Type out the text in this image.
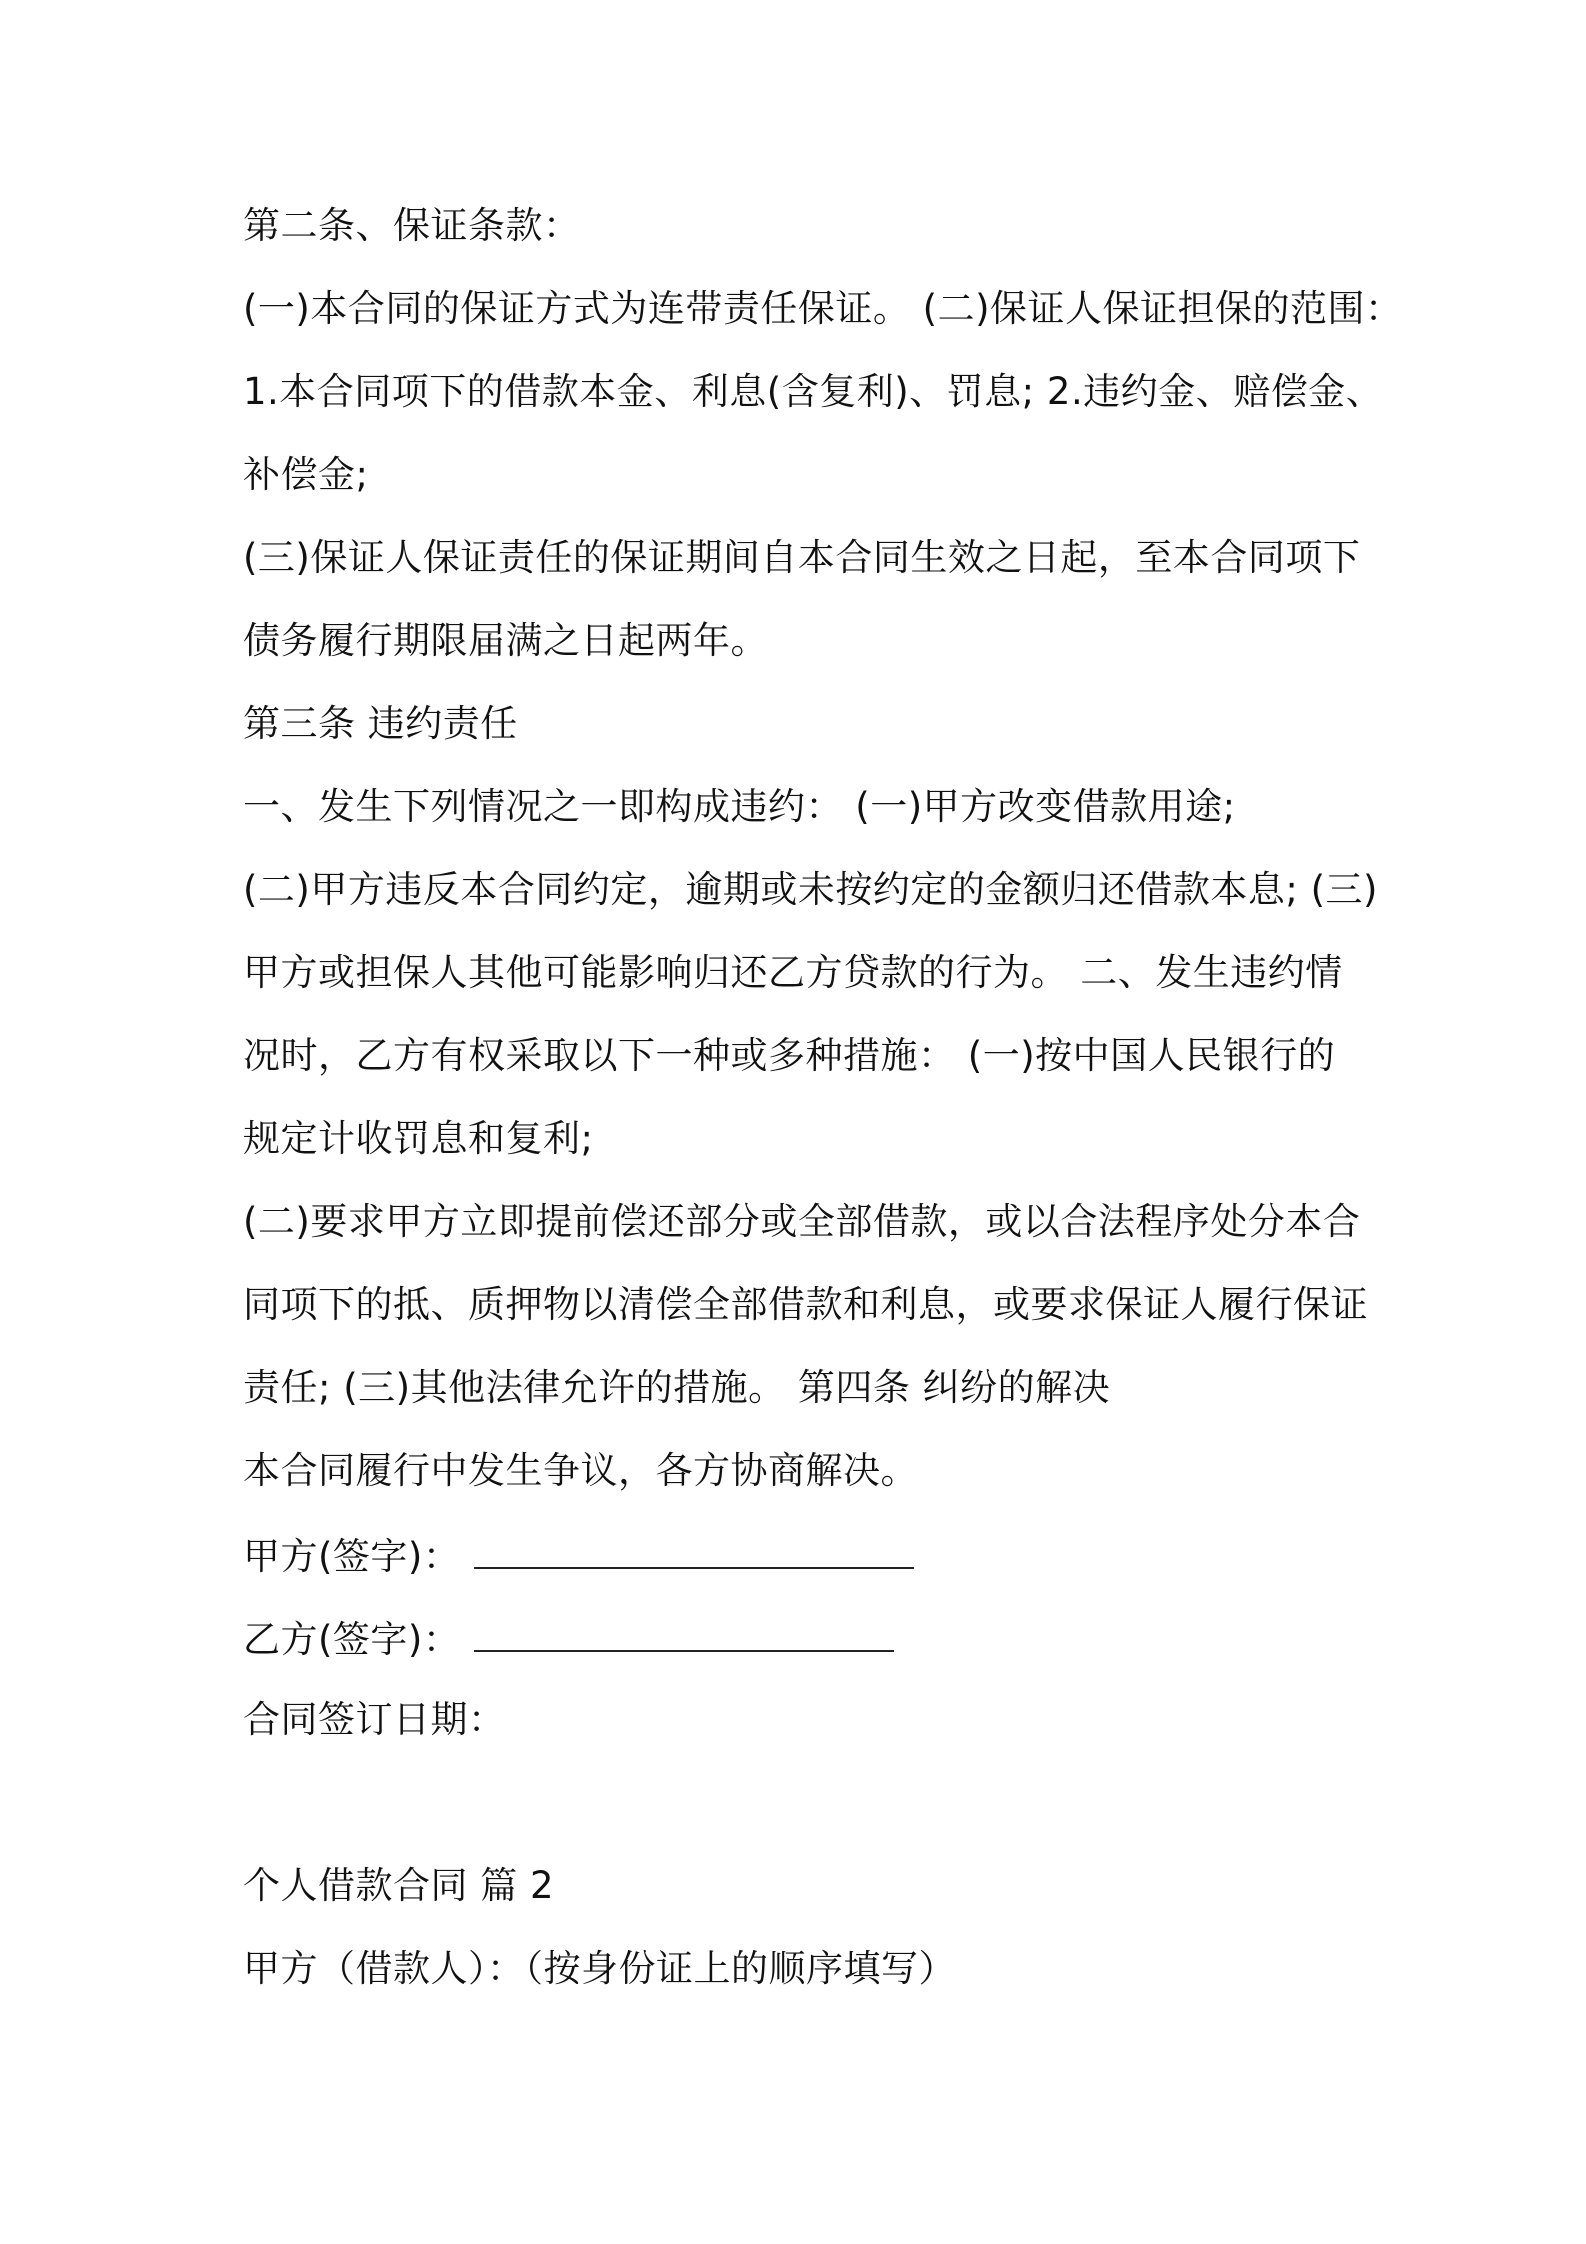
第二条、保证条款：
(一)本合同的保证方式为连带责任保证。 (二)保证人保证担保的范围：
1.本合同项下的借款本金、利息(含复利)、罚息; 2.违约金、赔偿金、
补偿金;
(三)保证人保证责任的保证期间自本合同生效之日起，至本合同项下
债务履行期限届满之日起两年。
第三条 违约责任
一、发生下列情况之一即构成违约： (一)甲方改变借款用途;
(二)甲方违反本合同约定，逾期或未按约定的金额归还借款本息; (三)
甲方或担保人其他可能影响归还乙方贷款的行为。 二、发生违约情
况时，乙方有权采取以下一种或多种措施： (一)按中国人民银行的
规定计收罚息和复利;
(二)要求甲方立即提前偿还部分或全部借款，或以合法程序处分本合
同项下的抵、质押物以清偿全部借款和利息，或要求保证人履行保证
责任; (三)其他法律允许的措施。 第四条 纠纷的解决
本合同履行中发生争议，各方协商解决。
甲方(签字)：
乙方(签字)：
合同签订日期：
个人借款合同 篇 2
甲方（借款人）：（按身份证上的顺序填写）
